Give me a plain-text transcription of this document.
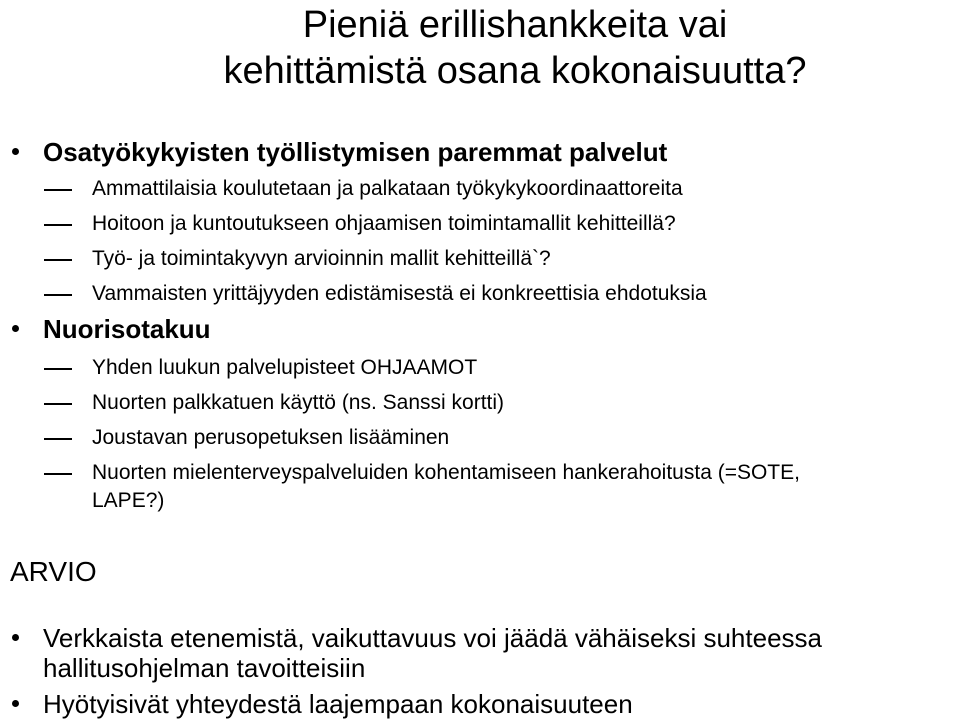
Pieniä erillishankkeita vai
kehittämistä osana kokonaisuutta?
Osatyökykyisten työllistymisen paremmat palvelut
Ammattilaisia koulutetaan ja palkataan työkykykoordinaattoreita
Hoitoon ja kuntoutukseen ohjaamisen toimintamallit kehitteillä?
Työ- ja toimintakyvyn arvioinnin mallit kehitteillä`?
Vammaisten yrittäjyyden edistämisestä ei konkreettisia ehdotuksia
Nuorisotakuu
Yhden luukun palvelupisteet OHJAAMOT
Nuorten palkkatuen käyttö (ns. Sanssi kortti)
Joustavan perusopetuksen lisääminen
Nuorten mielenterveyspalveluiden kohentamiseen hankerahoitusta (=SOTE,
LAPE?)
ARVIO
Verkkaista etenemistä, vaikuttavuus voi jäädä vähäiseksi suhteessa
hallitusohjelman tavoitteisiin
Hyötyisivät yhteydestä laajempaan kokonaisuuteen
